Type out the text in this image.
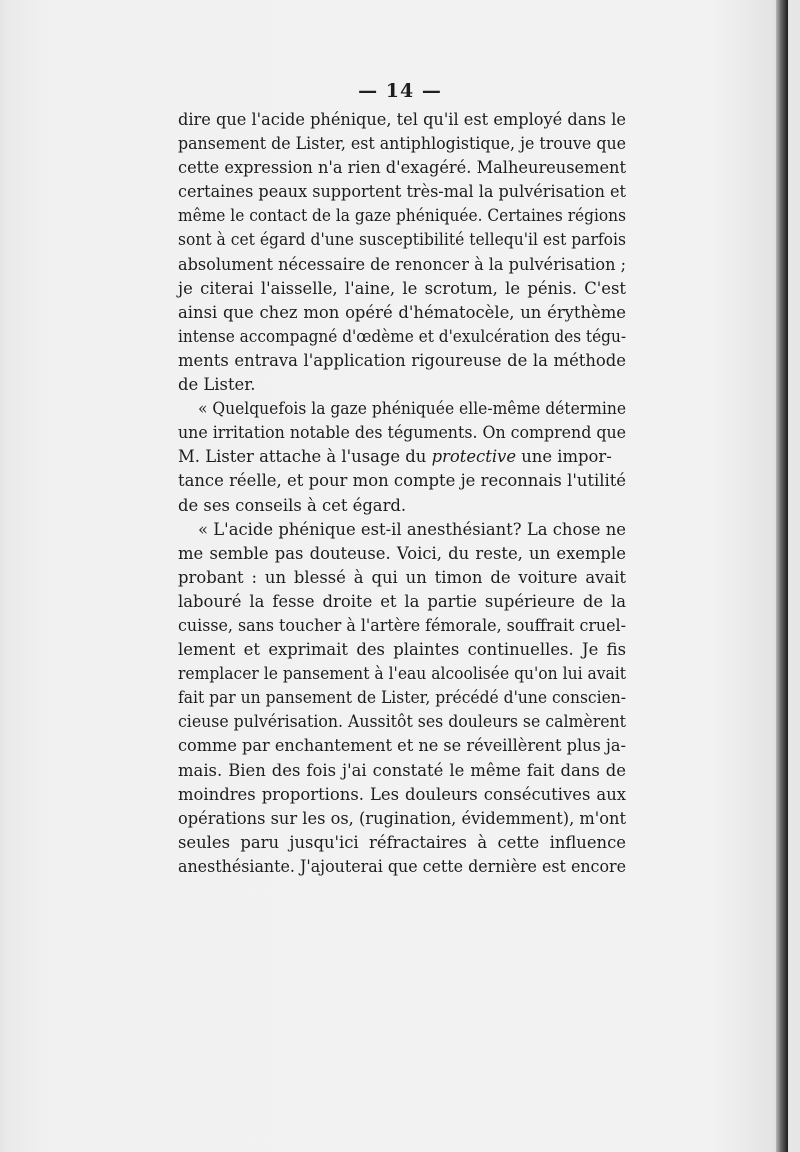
— 14 —
dire que l'acide phénique, tel qu'il est employé dans le
pansement de Lister, est antiphlogistique, je trouve que
cette expression n'a rien d'exagéré. Malheureusement
certaines peaux supportent très-mal la pulvérisation et
même le contact de la gaze phéniquée. Certaines régions
sont à cet égard d'une susceptibilité tellequ'il est parfois
absolument nécessaire de renoncer à la pulvérisation ;
je citerai l'aisselle, l'aine, le scrotum, le pénis. C'est
ainsi que chez mon opéré d'hématocèle, un érythème
intense accompagné d'œdème et d'exulcération des tégu-
ments entrava l'application rigoureuse de la méthode
de Lister.
« Quelquefois la gaze phéniquée elle-même détermine
une irritation notable des téguments. On comprend que
M. Lister attache à l'usage du protective une impor-
tance réelle, et pour mon compte je reconnais l'utilité
de ses conseils à cet égard.
« L'acide phénique est-il anesthésiant? La chose ne
me semble pas douteuse. Voici, du reste, un exemple
probant : un blessé à qui un timon de voiture avait
labouré la fesse droite et la partie supérieure de la
cuisse, sans toucher à l'artère fémorale, souffrait cruel-
lement et exprimait des plaintes continuelles. Je fis
remplacer le pansement à l'eau alcoolisée qu'on lui avait
fait par un pansement de Lister, précédé d'une conscien-
cieuse pulvérisation. Aussitôt ses douleurs se calmèrent
comme par enchantement et ne se réveillèrent plus ja-
mais. Bien des fois j'ai constaté le même fait dans de
moindres proportions. Les douleurs consécutives aux
opérations sur les os, (rugination, évidemment), m'ont
seules paru jusqu'ici réfractaires à cette influence
anesthésiante. J'ajouterai que cette dernière est encore
